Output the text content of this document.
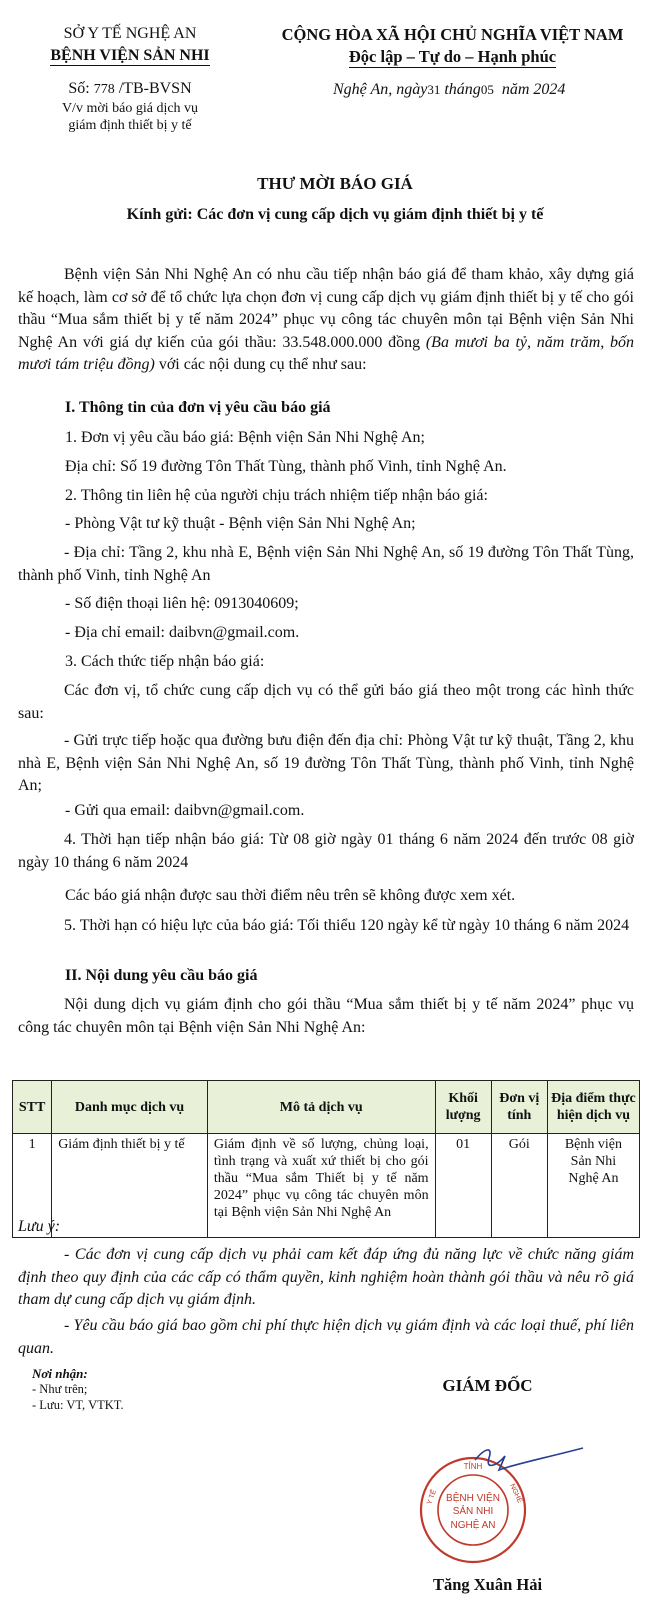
SỞ Y TẾ NGHỆ AN
BỆNH VIỆN SẢN NHI
Số: 778 /TB-BVSN
V/v mời báo giá dịch vụ
giám định thiết bị y tế
CỘNG HÒA XÃ HỘI CHỦ NGHĨA VIỆT NAM
Độc lập – Tự do – Hạnh phúc
Nghệ An, ngày31 tháng05 năm 2024
THƯ MỜI BÁO GIÁ
Kính gửi: Các đơn vị cung cấp dịch vụ giám định thiết bị y tế

Bệnh viện Sản Nhi Nghệ An có nhu cầu tiếp nhận báo giá để tham khảo, xây dựng giá kế hoạch, làm cơ sở để tổ chức lựa chọn đơn vị cung cấp dịch vụ giám định thiết bị y tế cho gói thầu “Mua sắm thiết bị y tế năm 2024” phục vụ công tác chuyên môn tại Bệnh viện Sản Nhi Nghệ An với giá dự kiến của gói thầu: 33.548.000.000 đồng (Ba mươi ba tỷ, năm trăm, bốn mươi tám triệu đồng) với các nội dung cụ thể như sau:

I. Thông tin của đơn vị yêu cầu báo giá
1. Đơn vị yêu cầu báo giá: Bệnh viện Sản Nhi Nghệ An;
Địa chỉ: Số 19 đường Tôn Thất Tùng, thành phố Vinh, tỉnh Nghệ An.
2. Thông tin liên hệ của người chịu trách nhiệm tiếp nhận báo giá:
- Phòng Vật tư kỹ thuật - Bệnh viện Sản Nhi Nghệ An;

- Địa chỉ: Tầng 2, khu nhà E, Bệnh viện Sản Nhi Nghệ An, số 19 đường Tôn Thất Tùng, thành phố Vinh, tỉnh Nghệ An

- Số điện thoại liên hệ: 0913040609;
- Địa chỉ email: daibvn@gmail.com.
3. Cách thức tiếp nhận báo giá:

Các đơn vị, tổ chức cung cấp dịch vụ có thể gửi báo giá theo một trong các hình thức sau:

- Gửi trực tiếp hoặc qua đường bưu điện đến địa chỉ: Phòng Vật tư kỹ thuật, Tầng 2, khu nhà E, Bệnh viện Sản Nhi Nghệ An, số 19 đường Tôn Thất Tùng, thành phố Vinh, tỉnh Nghệ An;

- Gửi qua email: daibvn@gmail.com.

4. Thời hạn tiếp nhận báo giá: Từ 08 giờ ngày 01 tháng 6 năm 2024 đến trước 08 giờ ngày 10 tháng 6 năm 2024

Các báo giá nhận được sau thời điểm nêu trên sẽ không được xem xét.

5. Thời hạn có hiệu lực của báo giá: Tối thiểu 120 ngày kể từ ngày 10 tháng 6 năm 2024

II. Nội dung yêu cầu báo giá

Nội dung dịch vụ giám định cho gói thầu “Mua sắm thiết bị y tế năm 2024” phục vụ công tác chuyên môn tại Bệnh viện Sản Nhi Nghệ An:

STT	Danh mục dịch vụ	Mô tả dịch vụ	Khối lượng	Đơn vị tính	Địa điểm thực hiện dịch vụ
1	Giám định thiết bị y tế	Giám định về số lượng, chủng loại, tình trạng và xuất xứ thiết bị cho gói thầu “Mua sắm Thiết bị y tế năm 2024” phục vụ công tác chuyên môn tại Bệnh viện Sản Nhi Nghệ An	01	Gói	Bệnh viện Sản Nhi Nghệ An
Lưu ý:

- Các đơn vị cung cấp dịch vụ phải cam kết đáp ứng đủ năng lực về chức năng giám định theo quy định của các cấp có thẩm quyền, kinh nghiệm hoàn thành gói thầu và nêu rõ giá tham dự cung cấp dịch vụ giám định.

- Yêu cầu báo giá bao gồm chi phí thực hiện dịch vụ giám định và các loại thuế, phí liên quan.

Nơi nhận:
- Như trên;
- Lưu: VT, VTKT.
GIÁM ĐỐC
TỈNH
Y TẾ	NGHỆ
BỆNH VIỆN
SẢN NHI
NGHỆ AN
Tăng Xuân Hải
